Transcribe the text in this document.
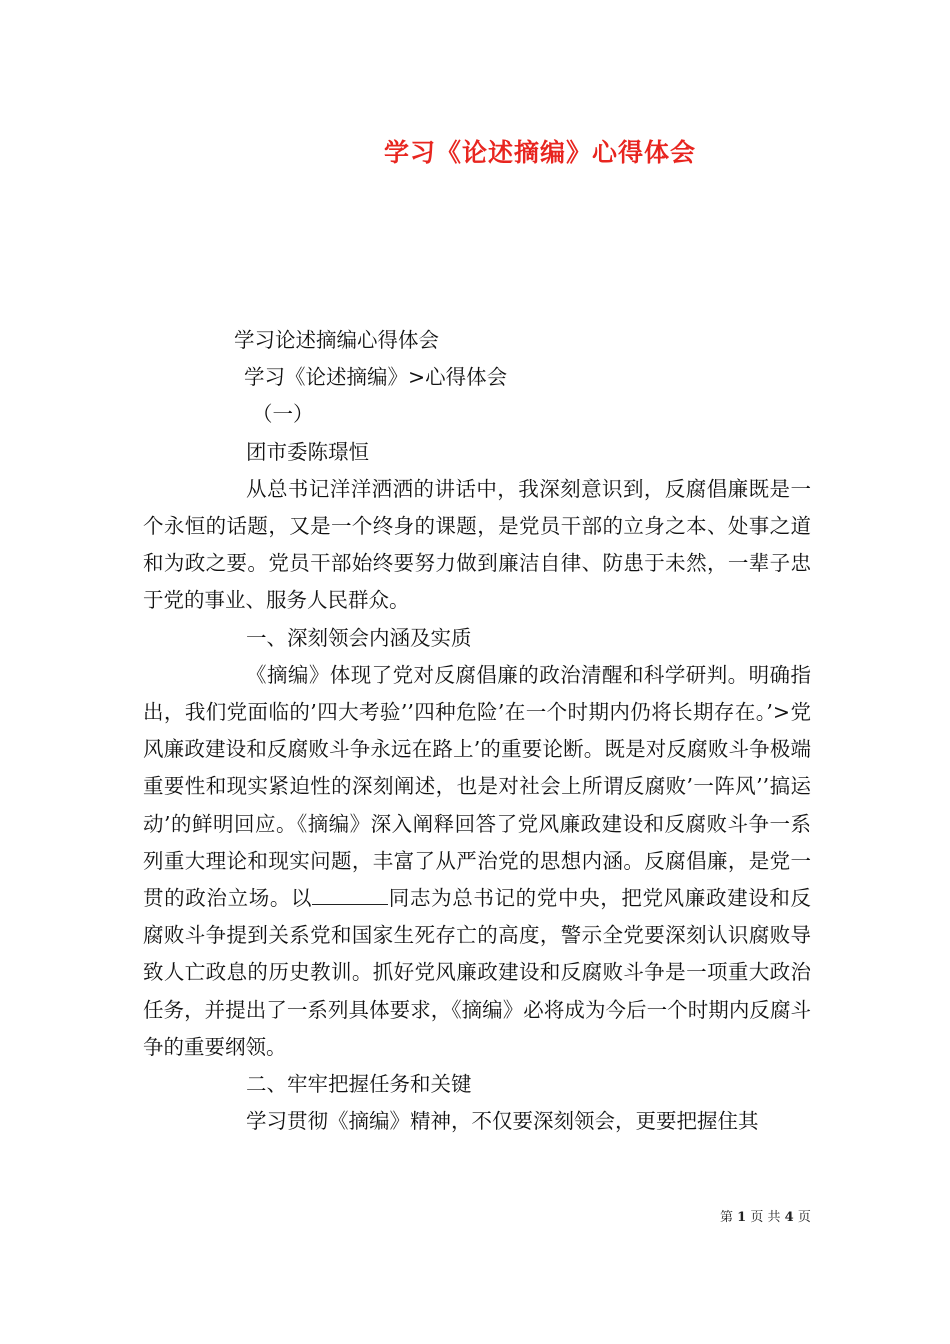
学习《论述摘编》心得体会

学习论述摘编心得体会

学习《论述摘编》>心得体会

（一）

团市委陈璟恒

从总书记洋洋洒洒的讲话中，我深刻意识到，反腐倡廉既是一个永恒的话题，又是一个终身的课题，是党员干部的立身之本、处事之道和为政之要。党员干部始终要努力做到廉洁自律、防患于未然，一辈子忠于党的事业、服务人民群众。

一、深刻领会内涵及实质

《摘编》体现了党对反腐倡廉的政治清醒和科学研判。明确指出，我们党面临的’四大考验’’四种危险’在一个时期内仍将长期存在。’>党风廉政建设和反腐败斗争永远在路上’的重要论断。既是对反腐败斗争极端重要性和现实紧迫性的深刻阐述，也是对社会上所谓反腐败’一阵风’’搞运动’的鲜明回应。《摘编》深入阐释回答了党风廉政建设和反腐败斗争一系列重大理论和现实问题，丰富了从严治党的思想内涵。反腐倡廉，是党一贯的政治立场。以	同志为总书记的党中央，把党风廉政建设和反腐败斗争提到关系党和国家生死存亡的高度，警示全党要深刻认识腐败导致人亡政息的历史教训。抓好党风廉政建设和反腐败斗争是一项重大政治任务，并提出了一系列具体要求，《摘编》必将成为今后一个时期内反腐斗争的重要纲领。

二、牢牢把握任务和关键

学习贯彻《摘编》精神，不仅要深刻领会，更要把握住其

第 1 页 共 4 页
